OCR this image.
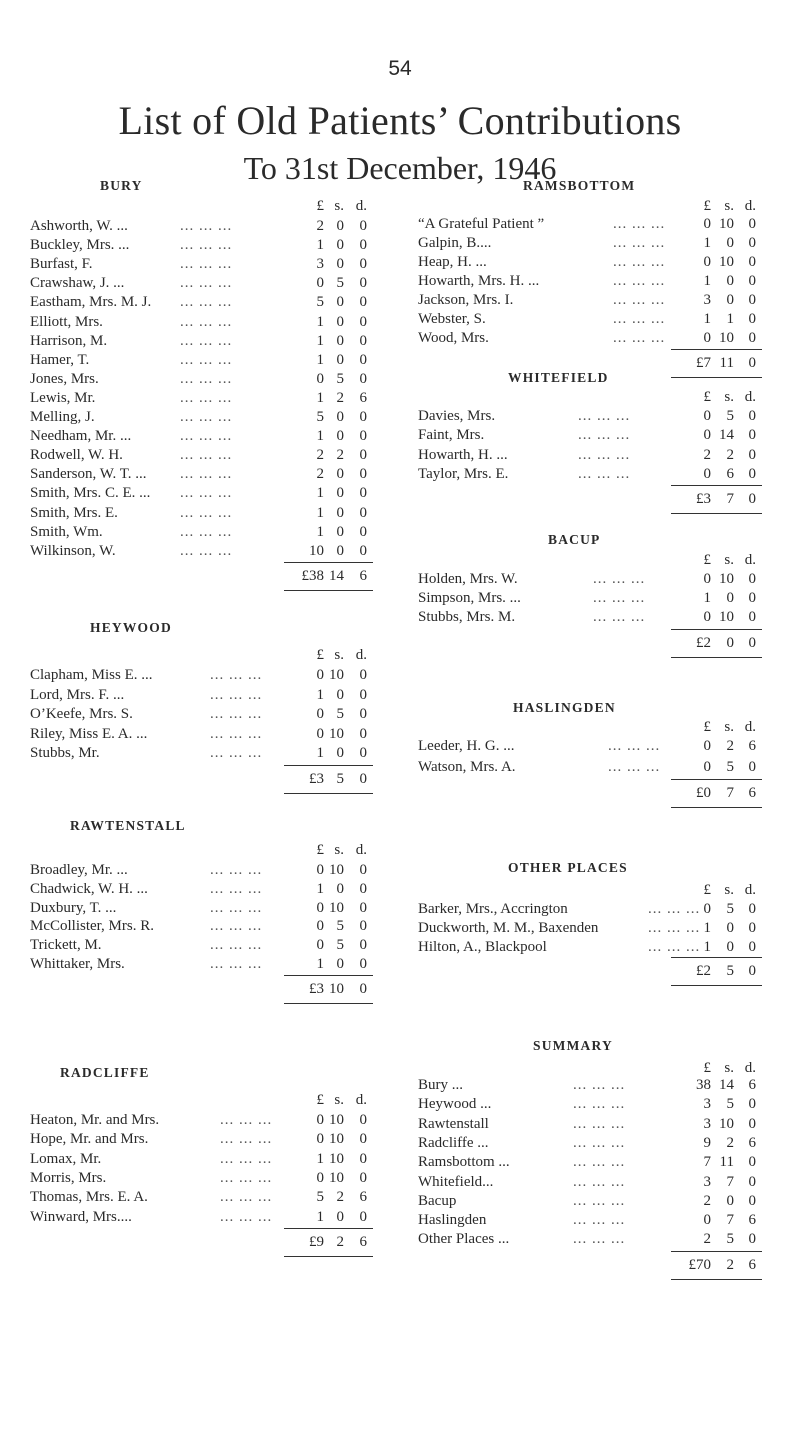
54
List of Old Patients’ Contributions
To 31st December, 1946
BURY
£ s. d.
Ashworth, W. ...	... ... ...	2 0	0
Buckley, Mrs. ...	... ... ...	1 0	0
Burfast, F.	... ... ...	3 0	0
Crawshaw, J. ...	... ... ...	0 5	0
Eastham, Mrs. M. J. ... ... ...	5 0	0
Elliott, Mrs.	... ... ...	1 0	0
Harrison, M.	... ... ...	1 0	0
Hamer, T.	... ... ...	1 0	0
Jones, Mrs.	... ... ...	0 5	0
Lewis, Mr.	... ... ...	1 2	6
Melling, J.	... ... ...	5 0	0
Needham, Mr. ...	... ... ...	1 0	0
Rodwell, W. H.	... ... ...	2 2	0
Sanderson, W. T. ... ... ... ...	2 0	0
Smith, Mrs. C. E. ... ... ... ...	1 0	0
Smith, Mrs. E.	... ... ...	1 0	0
Smith, Wm.	... ... ...	1 0	0
Wilkinson, W.	... ... ...	10 0	0
£38 14	6
HEYWOOD
£ s. d.
Clapham, Miss E. ...	... ... ...	0 10	0
Lord, Mrs. F. ...	... ... ...	1 0	0
O’Keefe, Mrs. S.	... ... ...	0 5	0
Riley, Miss E. A. ...	... ... ...	0 10	0
Stubbs, Mr.	... ... ...	1 0	0
£3 5	0
RAWTENSTALL
£ s. d.
Broadley, Mr. ...	... ... ...	0 10	0
Chadwick, W. H. ...	... ... ...	1 0	0
Duxbury, T. ...	... ... ...	0 10	0
McCollister, Mrs. R.	... ... ...	0 5	0
Trickett, M.	... ... ...	0 5	0
Whittaker, Mrs.	... ... ...	1 0	0
£3 10	0
RADCLIFFE
£ s. d.
Heaton, Mr. and Mrs.	... ... ...	0 10	0
Hope, Mr. and Mrs.	... ... ...	0 10	0
Lomax, Mr.	... ... ...	1 10	0
Morris, Mrs.	... ... ...	0 10	0
Thomas, Mrs. E. A.	... ... ...	5 2	6
Winward, Mrs....	... ... ...	1 0	0
£9 2	6
RAMSBOTTOM
£ s. d.
“A Grateful Patient ”	... ... ...	0 10 0
Galpin, B....	... ... ...	1	0 0
Heap, H. ...	... ... ...	0 10 0
Howarth, Mrs. H. ...	... ... ...	1	0 0
Jackson, Mrs. I.	... ... ...	3	0 0
Webster, S.	... ... ...	1	1 0
Wood, Mrs.	... ... ...	0 10 0
£7 11 0
WHITEFIELD
£ s. d.
Davies, Mrs.	... ... ...	0	5 0
Faint, Mrs.	... ... ...	0 14 0
Howarth, H. ...	... ... ...	2	2 0
Taylor, Mrs. E.	... ... ...	0	6 0
£3	7 0
BACUP
£ s. d.
Holden, Mrs. W.	... ... ...	0 10 0
Simpson, Mrs. ...	... ... ...	1	0 0
Stubbs, Mrs. M.	... ... ...	0 10 0
£2	0 0
HASLINGDEN
£ s. d.
Leeder, H. G. ...	... ... ...	0	2 6
Watson, Mrs. A.	... ... ...	0	5 0
£0	7 6
OTHER PLACES
£ s. d.
Barker, Mrs., Accrington	... ... ... 0	5 0
Duckworth, M. M., Baxenden	... ... ... 1	0 0
Hilton, A., Blackpool	... ... ... 1	0 0
£2	5 0
SUMMARY
£ s. d.
Bury ...	... ... ...	38 14 6
Heywood ...	... ... ...	3	5 0
Rawtenstall	... ... ...	3 10 0
Radcliffe ...	... ... ...	9	2 6
Ramsbottom ...	... ... ...	7 11 0
Whitefield...	... ... ...	3	7 0
Bacup	... ... ...	2	0 0
Haslingden	... ... ...	0	7 6
Other Places ...	... ... ...	2	5 0
£70	2 6
